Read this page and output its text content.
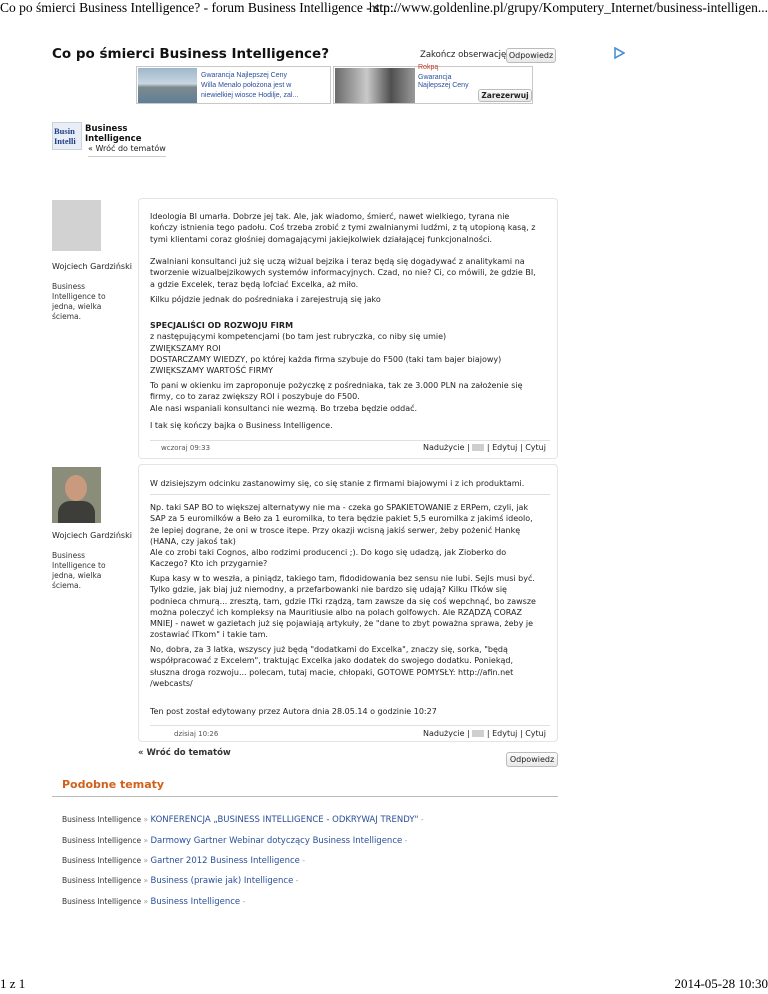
Co po śmierci Business Intelligence? - forum Business Intelligence - str...
http://www.goldenline.pl/grupy/Komputery_Internet/business-intelligen...
Co po śmierci Business Intelligence?	Zakończ obserwację Odpowiedz
Gwarancja Najlepszej Ceny
Willa Menalo położona jest w
niewielkiej wiosce Hodilje, zal...
Rokpą
Gwarancja
Najlepszej Ceny
Zarezerwuj
Busin
Intelli
Business Intelligence
« Wróć do tematów
Wojciech Gardziński
Business Intelligence to jedna, wielka ściema.
Ideologia BI umarła. Dobrze jej tak. Ale, jak wiadomo, śmierć, nawet wielkiego, tyrana nie
kończy istnienia tego padołu. Coś trzeba zrobić z tymi zwalnianymi ludźmi, z tą utopioną kasą, z
tymi klientami coraz głośniej domagającymi jakiejkolwiek działającej funkcjonalności.
Zwalniani konsultanci już się uczą wiżual bejzika i teraz będą się dogadywać z analitykami na
tworzenie wizualbejzikowych systemów informacyjnych. Czad, no nie? Ci, co mówili, że gdzie BI,
a gdzie Excelek, teraz będą lofciać Excelka, aż miło.
Kilku pójdzie jednak do pośredniaka i zarejestrują się jako
SPECJALIŚCI OD ROZWOJU FIRM
z następującymi kompetencjami (bo tam jest rubryczka, co niby się umie)
ZWIĘKSZAMY ROI
DOSTARCZAMY WIEDZY, po której każda firma szybuje do F500 (taki tam bajer biajowy)
ZWIĘKSZAMY WARTOŚĆ FIRMY
To pani w okienku im zaproponuje pożyczkę z pośredniaka, tak ze 3.000 PLN na założenie się
firmy, co to zaraz zwiększy ROI i poszybuje do F500.
Ale nasi wspaniali konsultanci nie wezmą. Bo trzeba będzie oddać.
I tak się kończy bajka o Business Intelligence.
wczoraj 09:33	Nadużycie |  | Edytuj | Cytuj
Wojciech Gardziński
Business Intelligence to jedna, wielka ściema.
W dzisiejszym odcinku zastanowimy się, co się stanie z firmami biajowymi i z ich produktami.
Np. taki SAP BO to większej alternatywy nie ma - czeka go SPAKIETOWANIE z ERPem, czyli, jak
SAP za 5 euromilków a Beło za 1 euromilka, to tera będzie pakiet 5,5 euromilka z jakimś ideolo,
że lepiej dograne, że oni w trosce itepe. Przy okazji wcisną jakiś serwer, żeby pożenić Hankę
(HANA, czy jakoś tak)
Ale co zrobi taki Cognos, albo rodzimi producenci ;). Do kogo się udadzą, jak Zioberko do
Kaczego? Kto ich przygarnie?
Kupa kasy w to weszła, a piniądz, takiego tam, fidodidowania bez sensu nie lubi. Sejls musi być.
Tylko gdzie, jak biaj już niemodny, a przefarbowanki nie bardzo się udają? Kilku ITków się
podnieca chmurą... zresztą, tam, gdzie ITki rządzą, tam zawsze da się coś wepchnąć, bo zawsze
można poleczyć ich kompleksy na Mauritiusie albo na polach golfowych. Ale RZĄDZĄ CORAZ
MNIEJ - nawet w gazietach już się pojawiają artykuły, że "dane to zbyt poważna sprawa, żeby je
zostawiać ITkom" i takie tam.
No, dobra, za 3 latka, wszyscy już będą "dodatkami do Excelka", znaczy się, sorka, "będą
współpracować z Excelem", traktując Excelka jako dodatek do swojego dodatku. Poniekąd,
słuszna droga rozwoju... polecam, tutaj macie, chłopaki, GOTOWE POMYSŁY: http://afin.net
/webcasts/
Ten post został edytowany przez Autora dnia 28.05.14 o godzinie 10:27
dzisiaj 10:26	Nadużycie |  | Edytuj | Cytuj
« Wróć do tematów
Odpowiedz
Podobne tematy
Business Intelligence » KONFERENCJA „BUSINESS INTELLIGENCE - ODKRYWAJ TRENDY" -
Business Intelligence » Darmowy Gartner Webinar dotyczący Business Intelligence -
Business Intelligence » Gartner 2012 Business Intelligence -
Business Intelligence » Business (prawie jak) Intelligence -
Business Intelligence » Business Intelligence -
1 z 1	2014-05-28 10:30
